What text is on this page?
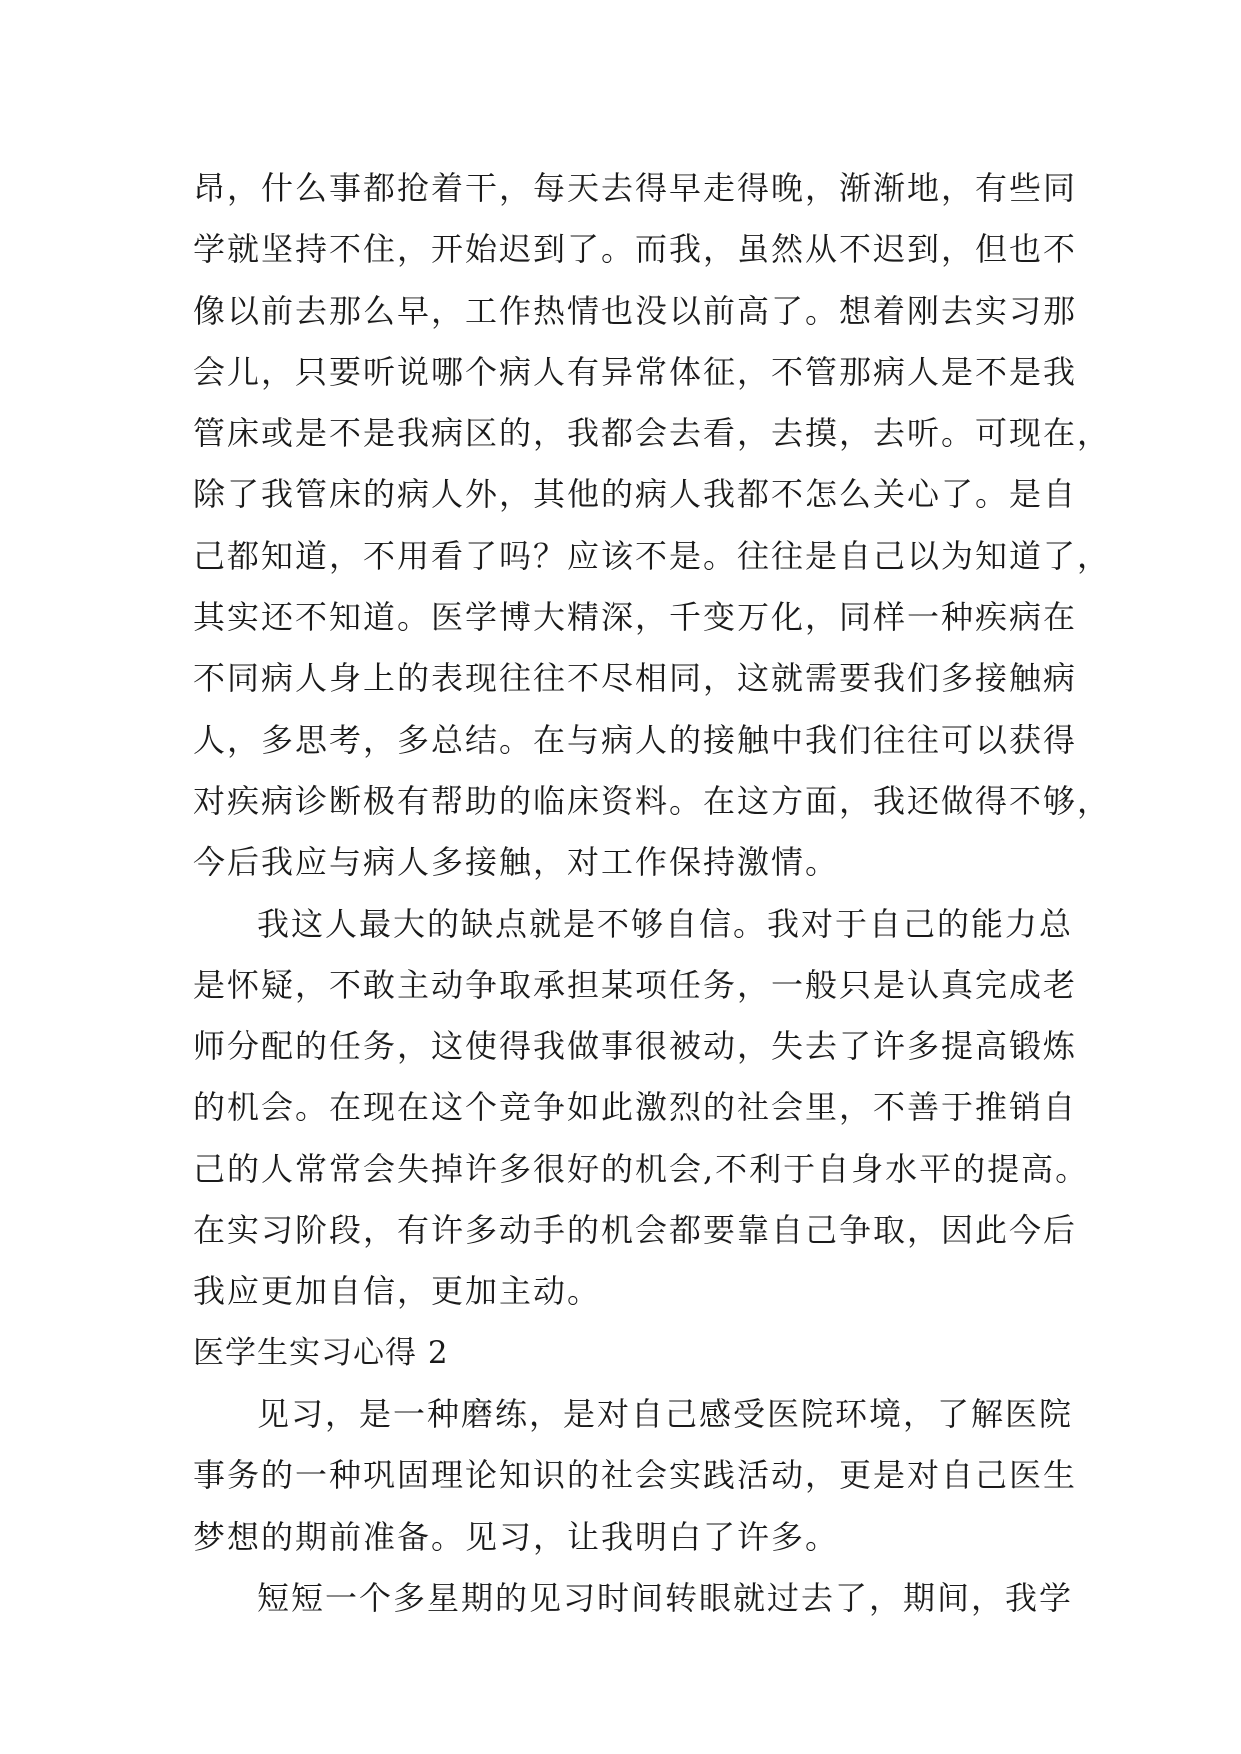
昂，什么事都抢着干，每天去得早走得晚，渐渐地，有些同
学就坚持不住，开始迟到了。而我，虽然从不迟到，但也不
像以前去那么早，工作热情也没以前高了。想着刚去实习那
会儿，只要听说哪个病人有异常体征，不管那病人是不是我
管床或是不是我病区的，我都会去看，去摸，去听。可现在，
除了我管床的病人外，其他的病人我都不怎么关心了。是自
己都知道，不用看了吗？应该不是。往往是自己以为知道了，
其实还不知道。医学博大精深，千变万化，同样一种疾病在
不同病人身上的表现往往不尽相同，这就需要我们多接触病
人，多思考，多总结。在与病人的接触中我们往往可以获得
对疾病诊断极有帮助的临床资料。在这方面，我还做得不够，
今后我应与病人多接触，对工作保持激情。
我这人最大的缺点就是不够自信。我对于自己的能力总
是怀疑，不敢主动争取承担某项任务，一般只是认真完成老
师分配的任务，这使得我做事很被动，失去了许多提高锻炼
的机会。在现在这个竞争如此激烈的社会里，不善于推销自
己的人常常会失掉许多很好的机会,不利于自身水平的提高。
在实习阶段，有许多动手的机会都要靠自己争取，因此今后
我应更加自信，更加主动。
医学生实习心得 2
见习，是一种磨练，是对自己感受医院环境，了解医院
事务的一种巩固理论知识的社会实践活动，更是对自己医生
梦想的期前准备。见习，让我明白了许多。
短短一个多星期的见习时间转眼就过去了，期间，我学
